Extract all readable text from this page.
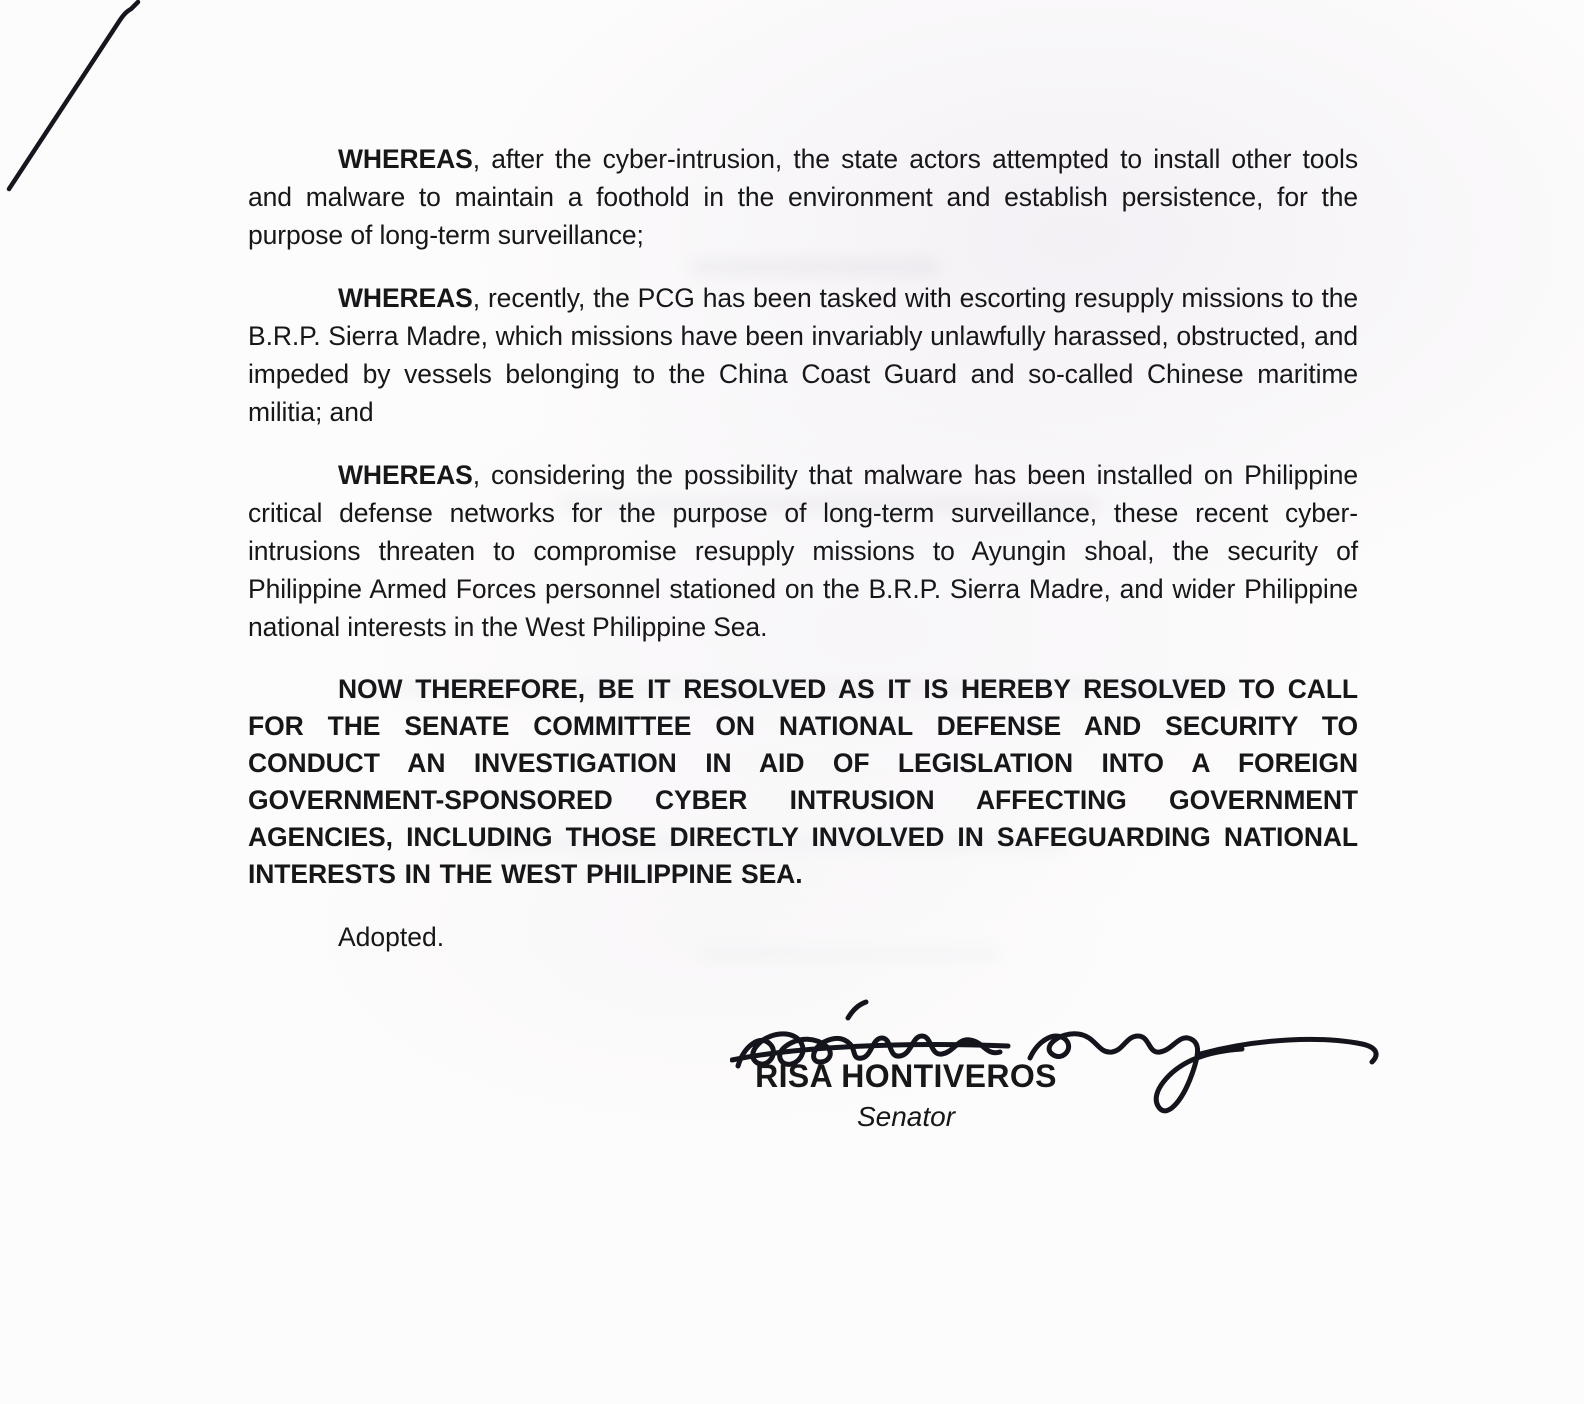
WHEREAS, after the cyber-intrusion, the state actors attempted to install other tools and malware to maintain a foothold in the environment and establish persistence, for the purpose of long-term surveillance;

WHEREAS, recently, the PCG has been tasked with escorting resupply missions to the B.R.P. Sierra Madre, which missions have been invariably unlawfully harassed, obstructed, and impeded by vessels belonging to the China Coast Guard and so-called Chinese maritime militia; and

WHEREAS, considering the possibility that malware has been installed on Philippine critical defense networks for the purpose of long-term surveillance, these recent cyber-intrusions threaten to compromise resupply missions to Ayungin shoal, the security of Philippine Armed Forces personnel stationed on the B.R.P. Sierra Madre, and wider Philippine national interests in the West Philippine Sea.

NOW THEREFORE, BE IT RESOLVED AS IT IS HEREBY RESOLVED TO CALL FOR THE SENATE COMMITTEE ON NATIONAL DEFENSE AND SECURITY TO CONDUCT AN INVESTIGATION IN AID OF LEGISLATION INTO A FOREIGN GOVERNMENT-SPONSORED CYBER INTRUSION AFFECTING GOVERNMENT AGENCIES, INCLUDING THOSE DIRECTLY INVOLVED IN SAFEGUARDING NATIONAL INTERESTS IN THE WEST PHILIPPINE SEA.

Adopted.

RISA HONTIVEROS
Senator
